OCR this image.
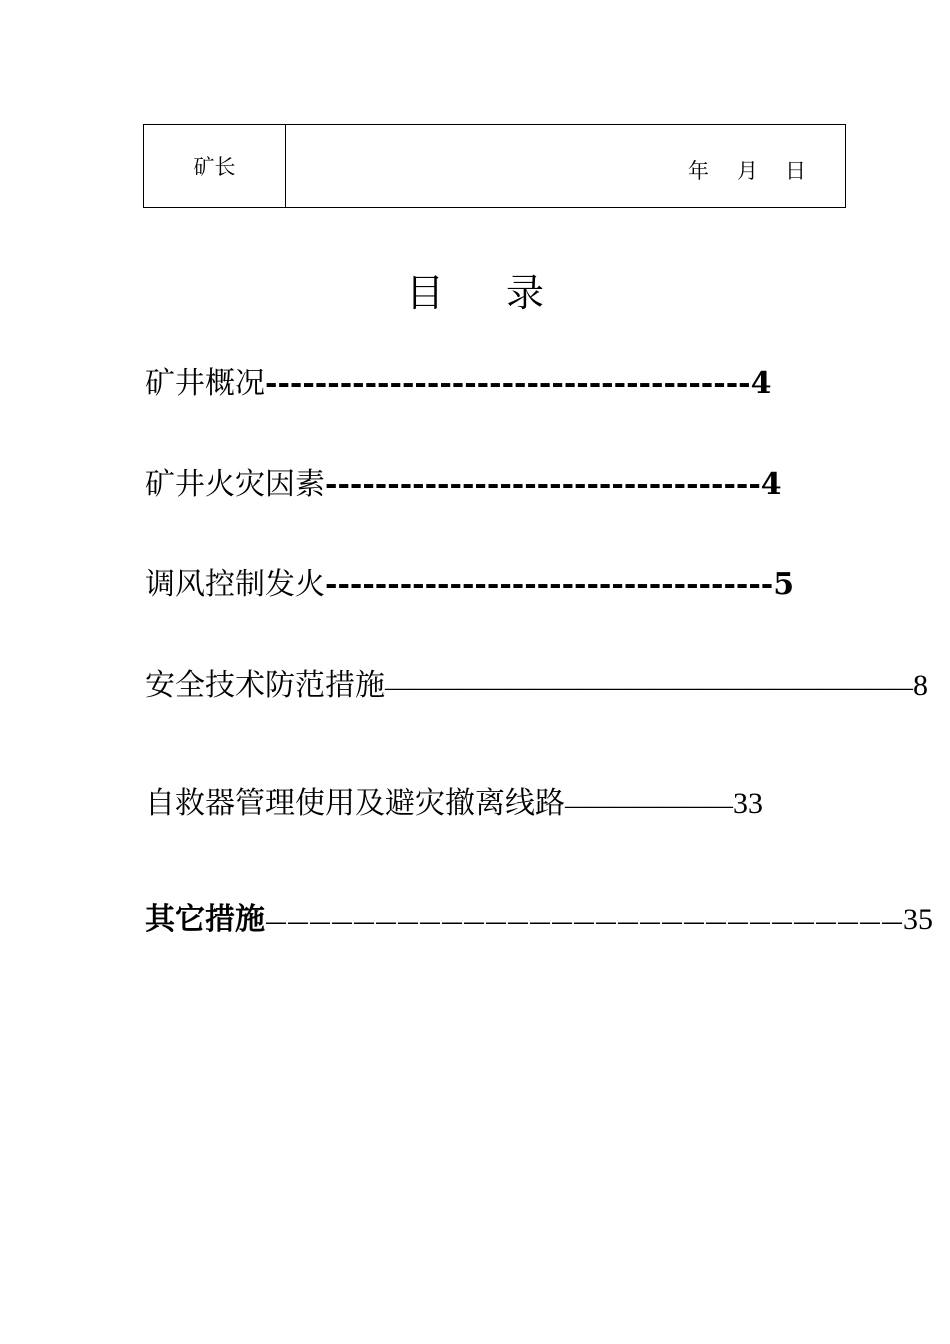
矿长	年 月 日
目 录
矿井概况---------------------------------------4
矿井火灾因素-----------------------------------4
调风控制发火------------------------------------5
安全技术防范措施——————————————————————8
自救器管理使用及避灾撤离线路———————33
其它措施—————————————————————————————35
